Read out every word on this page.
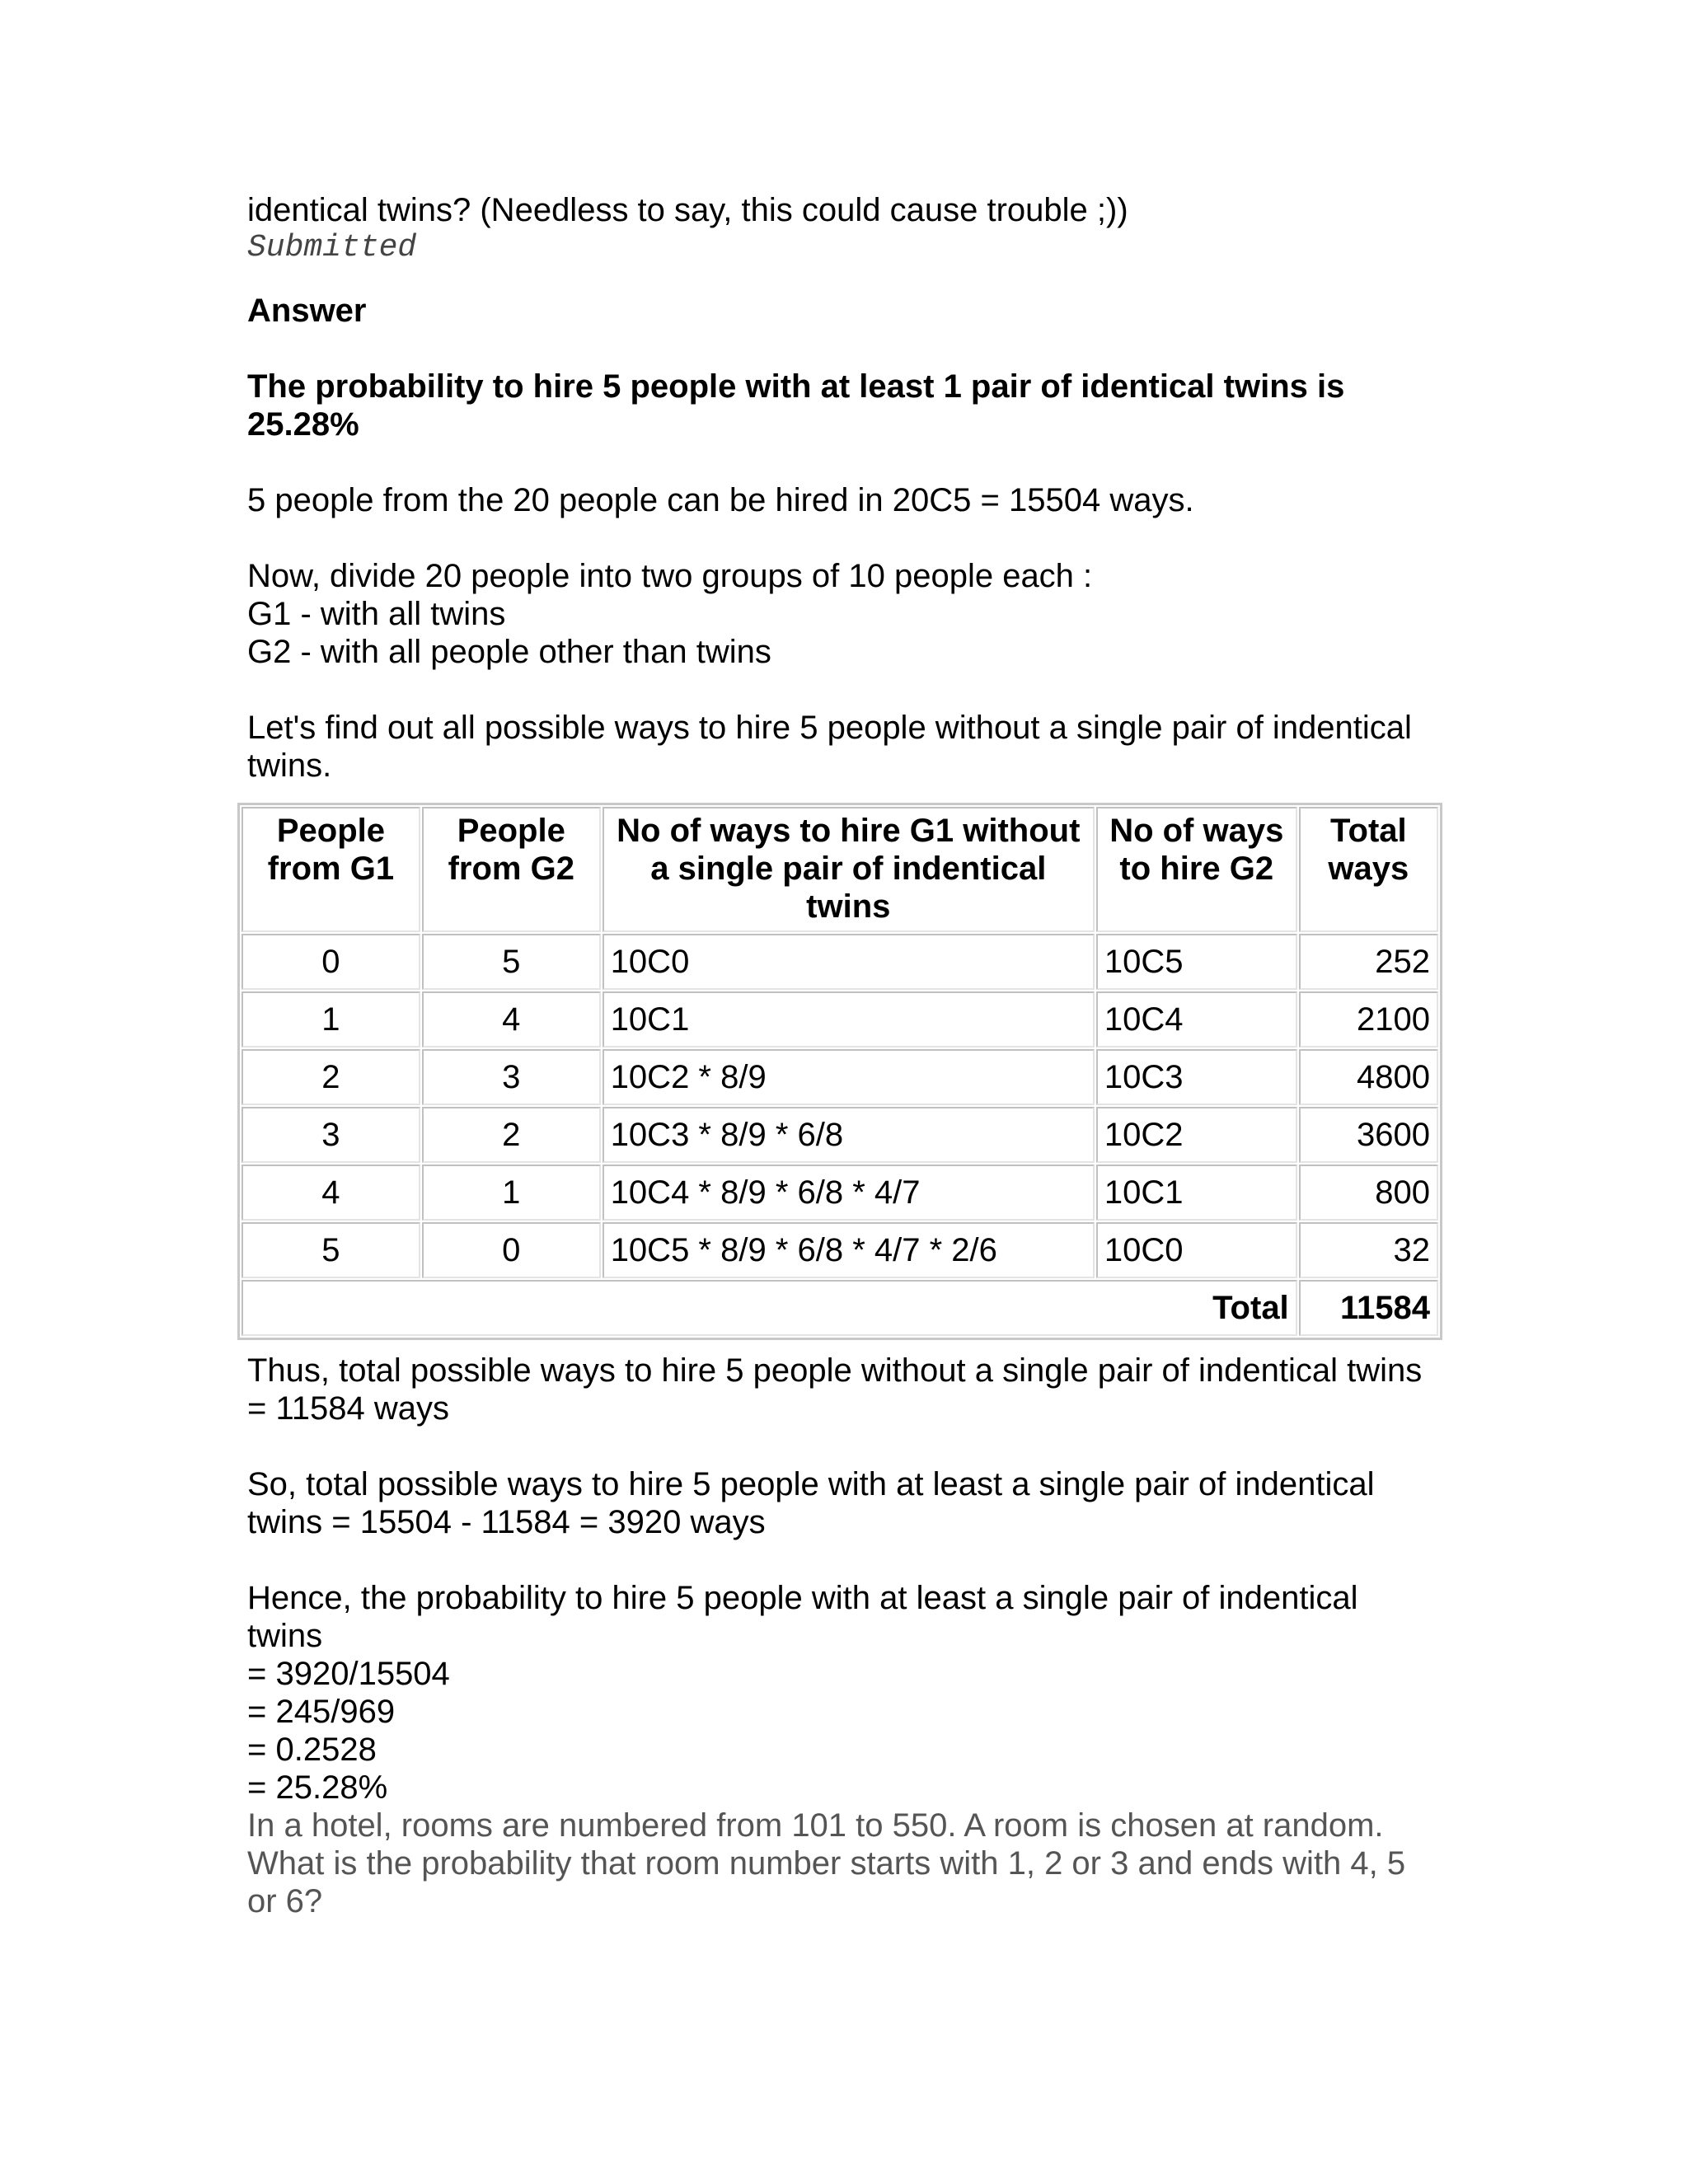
identical twins? (Needless to say, this could cause trouble ;))
Submitted
Answer
The probability to hire 5 people with at least 1 pair of identical twins is
25.28%
5 people from the 20 people can be hired in 20C5 = 15504 ways.
Now, divide 20 people into two groups of 10 people each :
G1 - with all twins
G2 - with all people other than twins
Let's find out all possible ways to hire 5 people without a single pair of indentical
twins.
People from G1	People from G2	No of ways to hire G1 without a single pair of indentical twins	No of ways to hire G2	Total ways
0	5	10C0	10C5	252
1	4	10C1	10C4	2100
2	3	10C2 * 8/9	10C3	4800
3	2	10C3 * 8/9 * 6/8	10C2	3600
4	1	10C4 * 8/9 * 6/8 * 4/7	10C1	800
5	0	10C5 * 8/9 * 6/8 * 4/7 * 2/6	10C0	32
Total				11584
Thus, total possible ways to hire 5 people without a single pair of indentical twins
= 11584 ways
So, total possible ways to hire 5 people with at least a single pair of indentical
twins = 15504 - 11584 = 3920 ways
Hence, the probability to hire 5 people with at least a single pair of indentical
twins
= 3920/15504
= 245/969
= 0.2528
= 25.28%
In a hotel, rooms are numbered from 101 to 550. A room is chosen at random.
What is the probability that room number starts with 1, 2 or 3 and ends with 4, 5
or 6?
